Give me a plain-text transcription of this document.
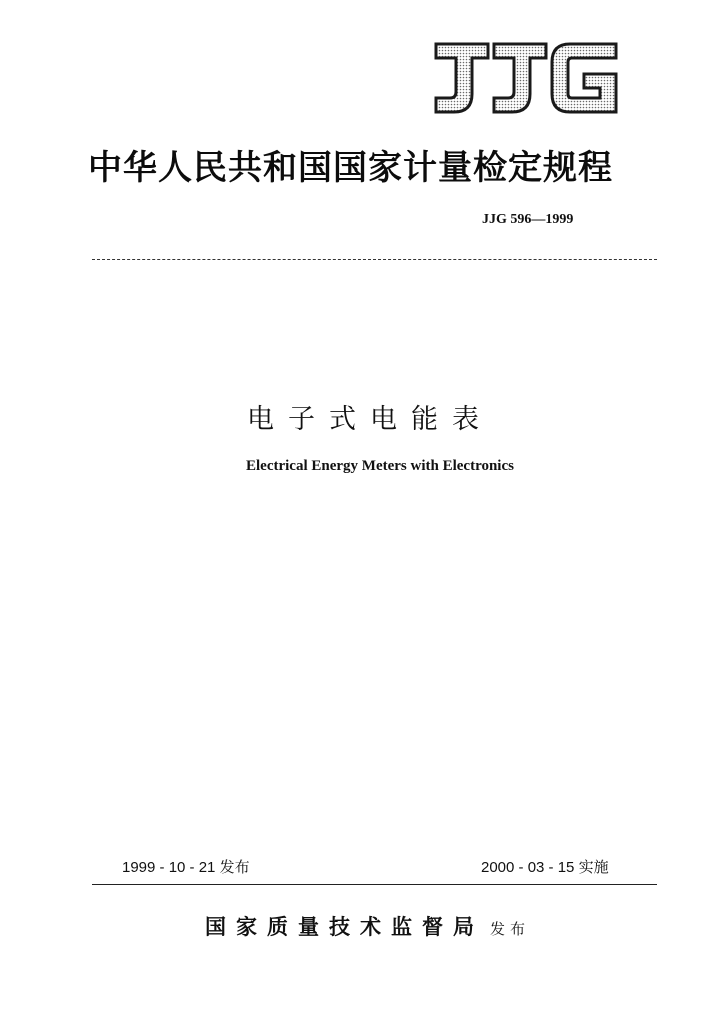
中华人民共和国国家计量检定规程
JJG 596—1999
电子式电能表
Electrical Energy Meters with Electronics
1999 - 10 - 21 发布	2000 - 03 - 15 实施
国家质量技术监督局 发布
